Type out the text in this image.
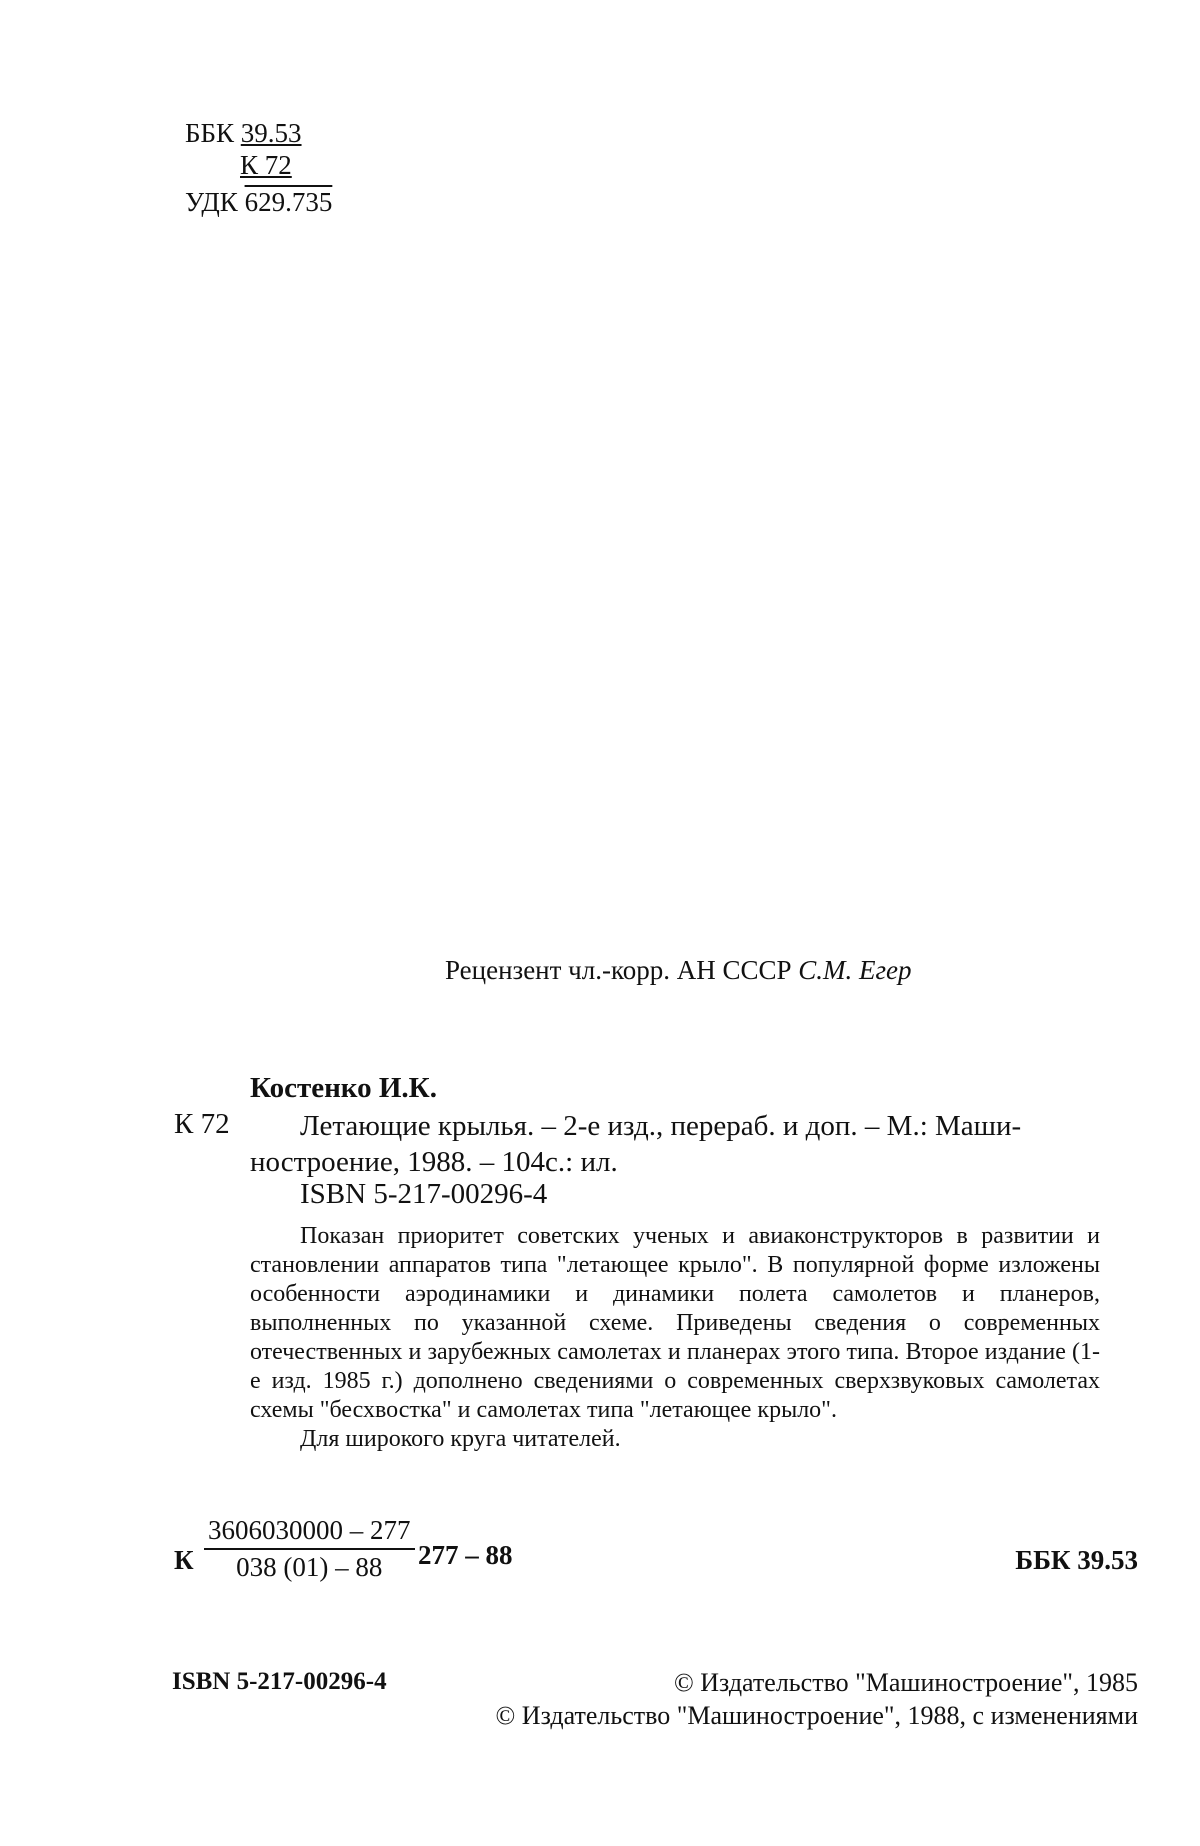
ББК 39.53
К 72
УДК 629.735
Рецензент чл.-корр. АН СССР С.М. Егер
Костенко И.К.
К 72	Летающие крылья. – 2-е изд., перераб. и доп. – М.: Маши-

ностроение, 1988. – 104с.: ил.

ISBN 5-217-00296-4

Показан приоритет советских ученых и авиаконструкторов в развитии и становлении аппаратов типа "летающее крыло". В популярной форме изложены особенности аэродинамики и динамики полета самолетов и планеров, выполненных по указанной схеме. Приведены сведения о современных отечественных и зарубежных самолетах и планерах этого типа. Второе издание (1-е изд. 1985 г.) дополнено сведениями о современных сверхзвуковых самолетах схемы "бесхвостка" и самолетах типа "летающее крыло".

Для широкого круга читателей.

К
3606030000 – 277
038 (01) – 88	277 – 88	ББК 39.53
ISBN 5-217-00296-4	© Издательство "Машиностроение", 1985
© Издательство "Машиностроение", 1988, с изменениями
